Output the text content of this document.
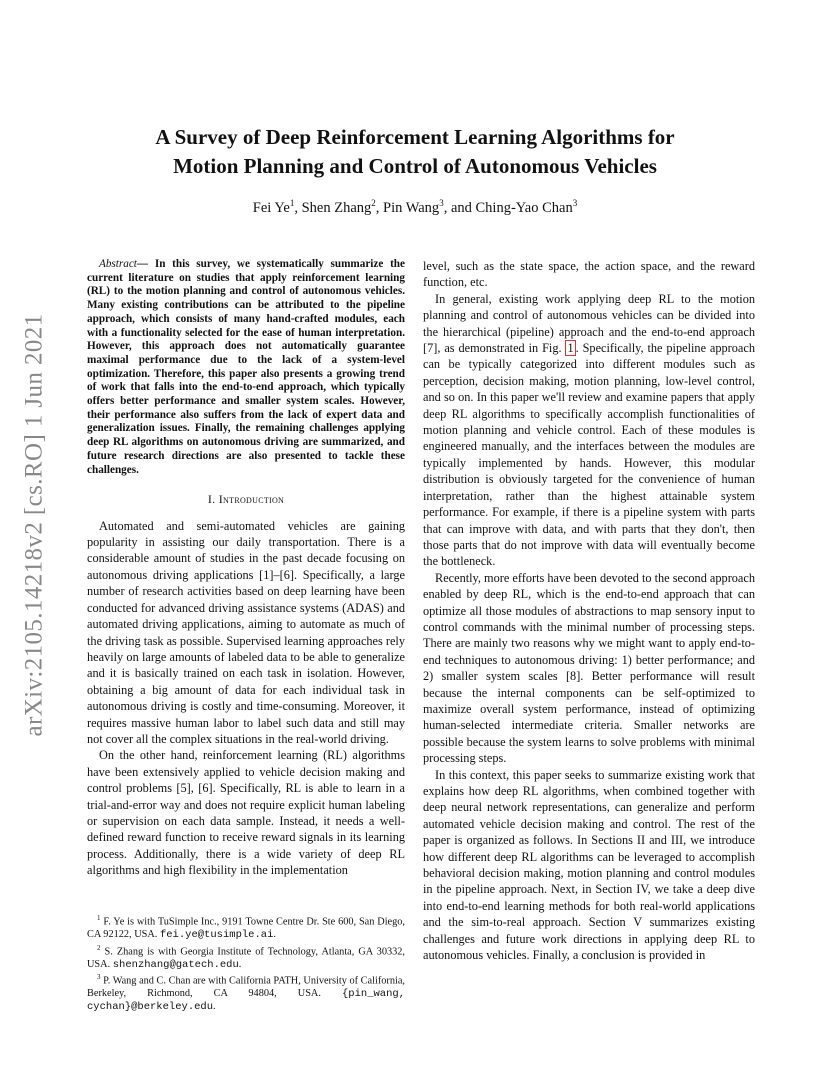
arXiv:2105.14218v2 [cs.RO] 1 Jun 2021
A Survey of Deep Reinforcement Learning Algorithms for
Motion Planning and Control of Autonomous Vehicles
Fei Ye$^1$, Shen Zhang$^2$, Pin Wang$^3$, and Ching-Yao Chan$^3$

Abstract— In this survey, we systematically summarize the current literature on studies that apply reinforcement learning (RL) to the motion planning and control of autonomous vehicles. Many existing contributions can be attributed to the pipeline approach, which consists of many hand-crafted modules, each with a functionality selected for the ease of human interpretation. However, this approach does not automatically guarantee maximal performance due to the lack of a system-level optimization. Therefore, this paper also presents a growing trend of work that falls into the end-to-end approach, which typically offers better performance and smaller system scales. However, their performance also suffers from the lack of expert data and generalization issues. Finally, the remaining challenges applying deep RL algorithms on autonomous driving are summarized, and future research directions are also presented to tackle these challenges.

I. Introduction

Automated and semi-automated vehicles are gaining popularity in assisting our daily transportation. There is a considerable amount of studies in the past decade focusing on autonomous driving applications [1]–[6]. Specifically, a large number of research activities based on deep learning have been conducted for advanced driving assistance systems (ADAS) and automated driving applications, aiming to automate as much of the driving task as possible. Supervised learning approaches rely heavily on large amounts of labeled data to be able to generalize and it is basically trained on each task in isolation. However, obtaining a big amount of data for each individual task in autonomous driving is costly and time-consuming. Moreover, it requires massive human labor to label such data and still may not cover all the complex situations in the real-world driving.

On the other hand, reinforcement learning (RL) algorithms have been extensively applied to vehicle decision making and control problems [5], [6]. Specifically, RL is able to learn in a trial-and-error way and does not require explicit human labeling or supervision on each data sample. Instead, it needs a well-defined reward function to receive reward signals in its learning process. Additionally, there is a wide variety of deep RL algorithms and high flexibility in the implementation

$^1$ F. Ye is with TuSimple Inc., 9191 Towne Centre Dr. Ste 600, San Diego, CA 92122, USA. fei.ye@tusimple.ai.

$^2$ S. Zhang is with Georgia Institute of Technology, Atlanta, GA 30332, USA. shenzhang@gatech.edu.

$^3$ P. Wang and C. Chan are with California PATH, University of California, Berkeley, Richmond, CA 94804, USA. {pin_wang, cychan}@berkeley.edu.

level, such as the state space, the action space, and the reward function, etc.

In general, existing work applying deep RL to the motion planning and control of autonomous vehicles can be divided into the hierarchical (pipeline) approach and the end-to-end approach [7], as demonstrated in Fig. 1 . Specifically, the pipeline approach can be typically categorized into different modules such as perception, decision making, motion planning, low-level control, and so on. In this paper we'll review and examine papers that apply deep RL algorithms to specifically accomplish functionalities of motion planning and vehicle control. Each of these modules is engineered manually, and the interfaces between the modules are typically implemented by hands. However, this modular distribution is obviously targeted for the convenience of human interpretation, rather than the highest attainable system performance. For example, if there is a pipeline system with parts that can improve with data, and with parts that they don't, then those parts that do not improve with data will eventually become the bottleneck.

Recently, more efforts have been devoted to the second approach enabled by deep RL, which is the end-to-end approach that can optimize all those modules of abstractions to map sensory input to control commands with the minimal number of processing steps. There are mainly two reasons why we might want to apply end-to-end techniques to autonomous driving: 1) better performance; and 2) smaller system scales [8]. Better performance will result because the internal components can be self-optimized to maximize overall system performance, instead of optimizing human-selected intermediate criteria. Smaller networks are possible because the system learns to solve problems with minimal processing steps.

In this context, this paper seeks to summarize existing work that explains how deep RL algorithms, when combined together with deep neural network representations, can generalize and perform automated vehicle decision making and control. The rest of the paper is organized as follows. In Sections II and III, we introduce how different deep RL algorithms can be leveraged to accomplish behavioral decision making, motion planning and control modules in the pipeline approach. Next, in Section IV, we take a deep dive into end-to-end learning methods for both real-world applications and the sim-to-real approach. Section V summarizes existing challenges and future work directions in applying deep RL to autonomous vehicles. Finally, a conclusion is provided in
